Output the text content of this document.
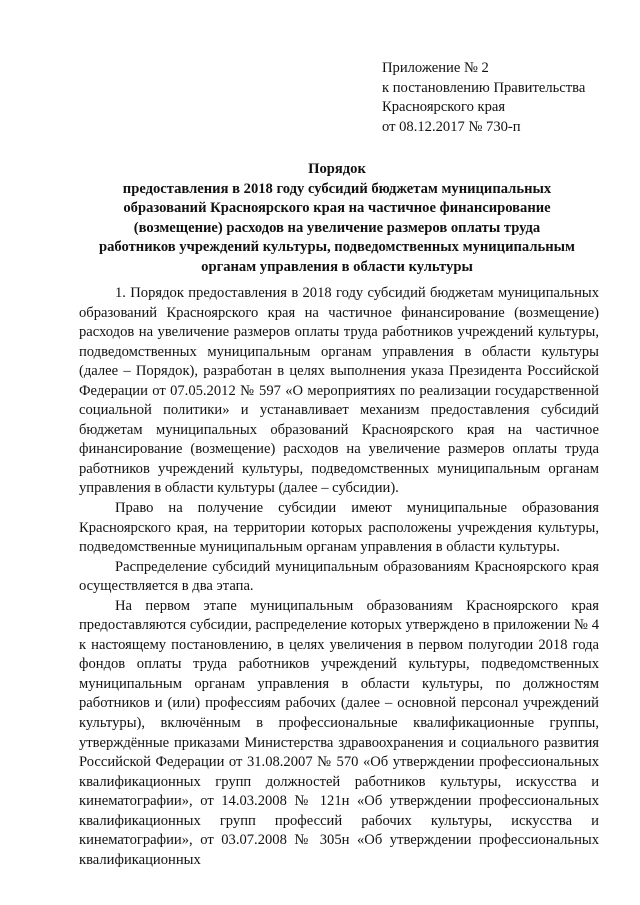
Приложение № 2
к постановлению Правительства
Красноярского края
от 08.12.2017 № 730-п
Порядок
предоставления в 2018 году субсидий бюджетам муниципальных
образований Красноярского края на частичное финансирование
(возмещение) расходов на увеличение размеров оплаты труда
работников учреждений культуры, подведомственных муниципальным
органам управления в области культуры

1. Порядок предоставления в 2018 году субсидий бюджетам муниципальных образований Красноярского края на частичное финансирование (возмещение) расходов на увеличение размеров оплаты труда работников учреждений культуры, подведомственных муниципальным органам управления в области культуры (далее – Порядок), разработан в целях выполнения указа Президента Российской Федерации от 07.05.2012 № 597 «О мероприятиях по реализации государственной социальной политики» и устанавливает механизм предоставления субсидий бюджетам муниципальных образований Красноярского края на частичное финансирование (возмещение) расходов на увеличение размеров оплаты труда работников учреждений культуры, подведомственных муниципальным органам управления в области культуры (далее – субсидии).

Право на получение субсидии имеют муниципальные образования Красноярского края, на территории которых расположены учреждения культуры, подведомственные муниципальным органам управления в области культуры.

Распределение субсидий муниципальным образованиям Красноярского края осуществляется в два этапа.

На первом этапе муниципальным образованиям Красноярского края предоставляются субсидии, распределение которых утверждено в приложении № 4 к настоящему постановлению, в целях увеличения в первом полугодии 2018 года фондов оплаты труда работников учреждений культуры, подведомственных муниципальным органам управления в области культуры, по должностям работников и (или) профессиям рабочих (далее – основной персонал учреждений культуры), включённым в профессиональные квалификационные группы, утверждённые приказами Министерства здравоохранения и социального развития Российской Федерации от 31.08.2007 № 570 «Об утверждении профессиональных квалификационных групп должностей работников культуры, искусства и кинематографии», от 14.03.2008 № 121н «Об утверждении профессиональных квалификационных групп профессий рабочих культуры, искусства и кинематографии», от 03.07.2008 № 305н «Об утверждении профессиональных квалификационных
